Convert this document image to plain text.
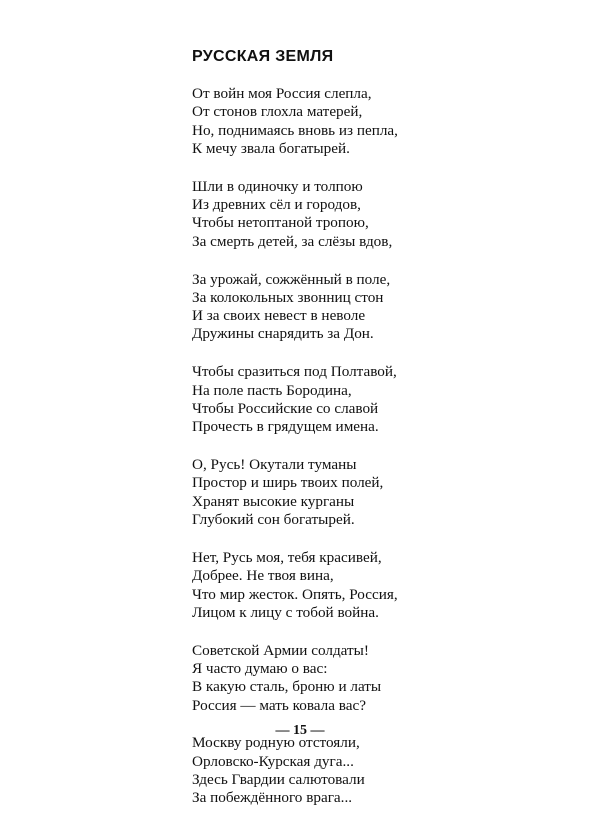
РУССКАЯ ЗЕМЛЯ
От войн моя Россия слепла,
От стонов глохла матерей,
Но, поднимаясь вновь из пепла,
К мечу звала богатырей.
Шли в одиночку и толпою
Из древних сёл и городов,
Чтобы нетоптаной тропою,
За смерть детей, за слёзы вдов,
За урожай, сожжённый в поле,
За колокольных звонниц стон
И за своих невест в неволе
Дружины снарядить за Дон.
Чтобы сразиться под Полтавой,
На поле пасть Бородина,
Чтобы Российские со славой
Прочесть в грядущем имена.
О, Русь! Окутали туманы
Простор и ширь твоих полей,
Хранят высокие курганы
Глубокий сон богатырей.
Нет, Русь моя, тебя красивей,
Добрее. Не твоя вина,
Что мир жесток. Опять, Россия,
Лицом к лицу с тобой война.
Советской Армии солдаты!
Я часто думаю о вас:
В какую сталь, броню и латы
Россия — мать ковала вас?
Москву родную отстояли,
Орловско-Курская дуга...
Здесь Гвардии салютовали
За побеждённого врага...
— 15 —
